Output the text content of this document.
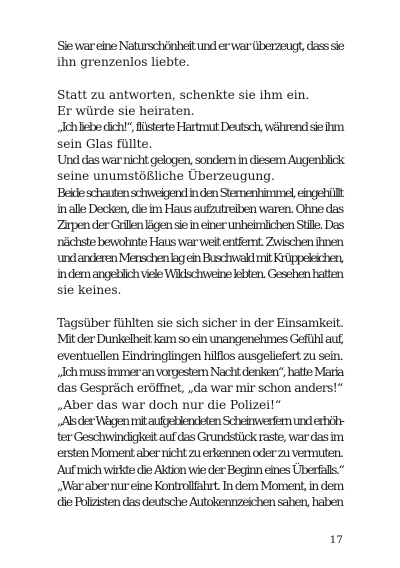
Sie war eine Naturschönheit und er war überzeugt, dass sie
ihn grenzenlos liebte.
Statt zu antworten, schenkte sie ihm ein.
Er würde sie heiraten.
„Ich liebe dich!“, flüsterte Hartmut Deutsch, während sie ihm
sein Glas füllte.
Und das war nicht gelogen, sondern in diesem Augenblick
seine unumstößliche Überzeugung.
Beide schauten schweigend in den Sternenhimmel, eingehüllt
in alle Decken, die im Haus aufzutreiben waren. Ohne das
Zirpen der Grillen lägen sie in einer unheimlichen Stille. Das
nächste bewohnte Haus war weit entfernt. Zwischen ihnen
und anderen Menschen lag ein Buschwald mit Krüppeleichen,
in dem angeblich viele Wildschweine lebten. Gesehen hatten
sie keines.
Tagsüber fühlten sie sich sicher in der Einsamkeit.
Mit der Dunkelheit kam so ein unangenehmes Gefühl auf,
eventuellen Eindringlingen hilflos ausgeliefert zu sein.
„Ich muss immer an vorgestern Nacht denken“, hatte Maria
das Gespräch eröffnet, „da war mir schon anders!“
„Aber das war doch nur die Polizei!“
„Als der Wagen mit aufgeblendeten Scheinwerfern und erhöh-
ter Geschwindigkeit auf das Grundstück raste, war das im
ersten Moment aber nicht zu erkennen oder zu vermuten.
Auf mich wirkte die Aktion wie der Beginn eines Überfalls.“
„War aber nur eine Kontrollfahrt. In dem Moment, in dem
die Polizisten das deutsche Autokennzeichen sahen, haben
17
